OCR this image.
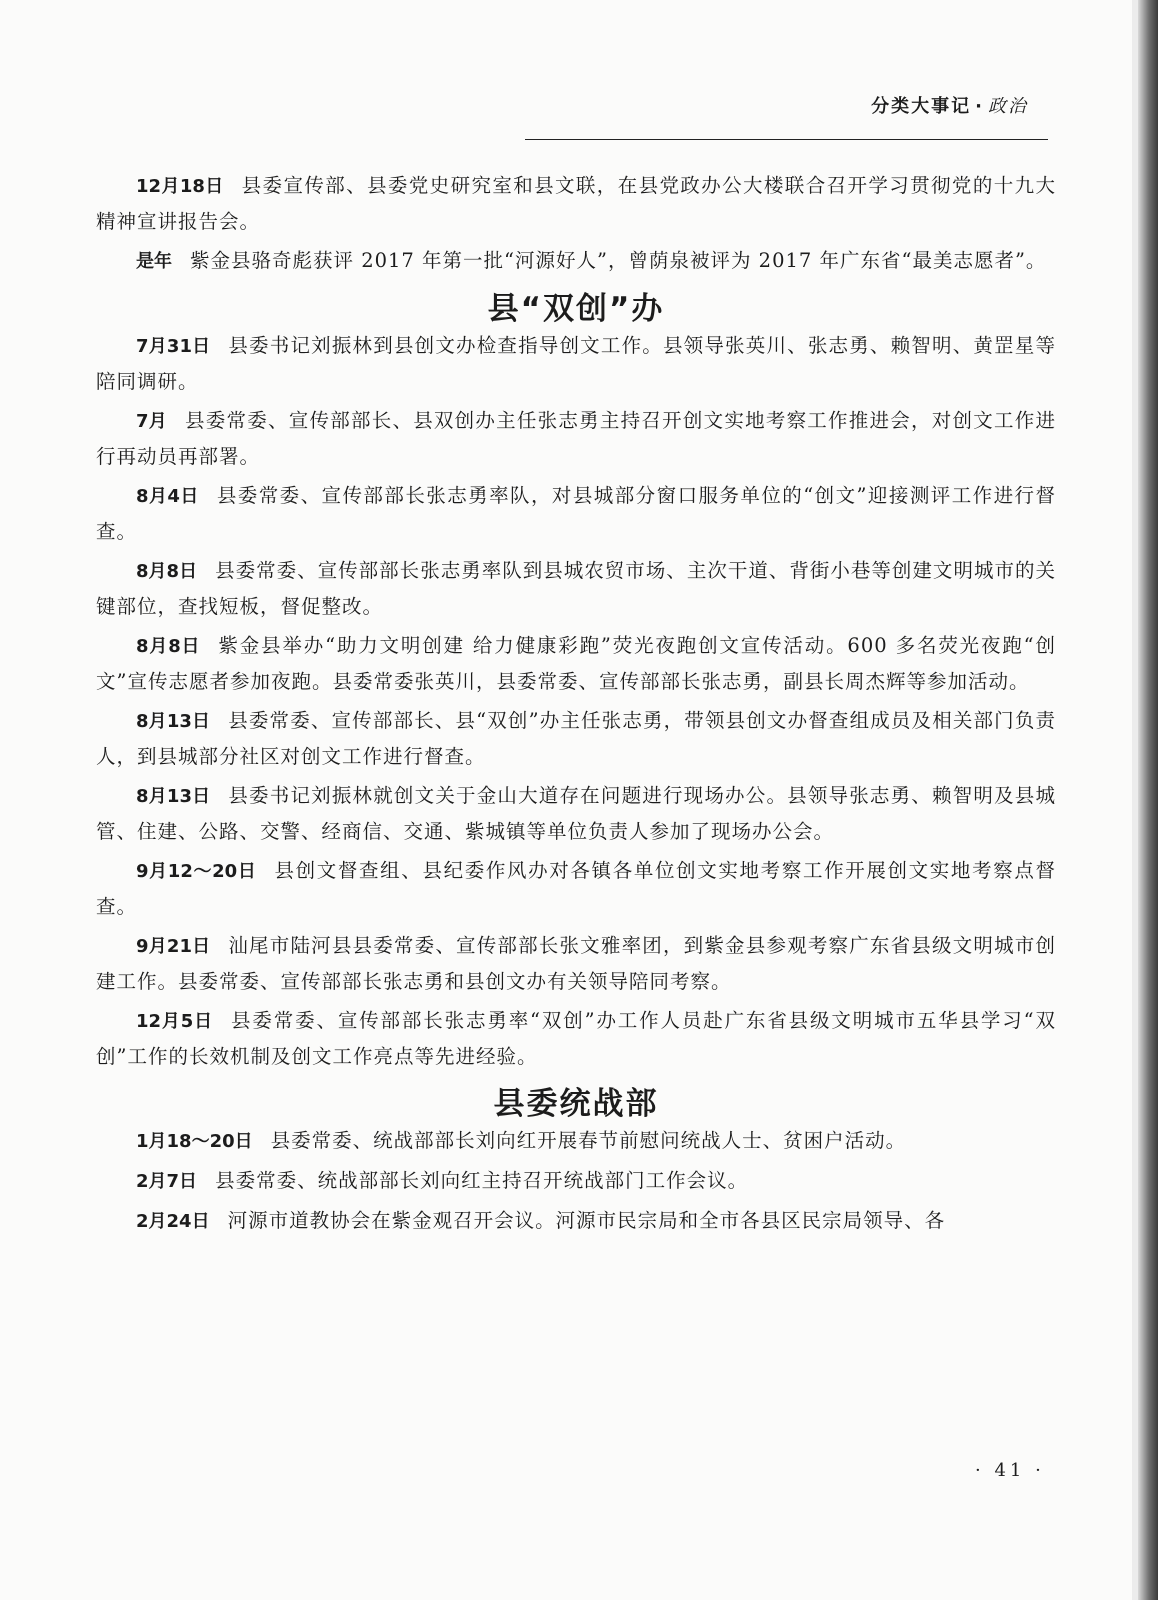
分类大事记 · 政治

12月18日 县委宣传部、县委党史研究室和县文联，在县党政办公大楼联合召开学习贯彻党的十九大精神宣讲报告会。

是年 紫金县骆奇彪获评 2017 年第一批“河源好人”，曾荫泉被评为 2017 年广东省“最美志愿者”。

县“双创”办

7月31日 县委书记刘振林到县创文办检查指导创文工作。县领导张英川、张志勇、赖智明、黄罡星等陪同调研。

7月 县委常委、宣传部部长、县双创办主任张志勇主持召开创文实地考察工作推进会，对创文工作进行再动员再部署。

8月4日 县委常委、宣传部部长张志勇率队，对县城部分窗口服务单位的“创文”迎接测评工作进行督查。

8月8日 县委常委、宣传部部长张志勇率队到县城农贸市场、主次干道、背街小巷等创建文明城市的关键部位，查找短板，督促整改。

8月8日 紫金县举办“助力文明创建 给力健康彩跑”荧光夜跑创文宣传活动。600 多名荧光夜跑“创文”宣传志愿者参加夜跑。县委常委张英川，县委常委、宣传部部长张志勇，副县长周杰辉等参加活动。

8月13日 县委常委、宣传部部长、县“双创”办主任张志勇，带领县创文办督查组成员及相关部门负责人，到县城部分社区对创文工作进行督查。

8月13日 县委书记刘振林就创文关于金山大道存在问题进行现场办公。县领导张志勇、赖智明及县城管、住建、公路、交警、经商信、交通、紫城镇等单位负责人参加了现场办公会。

9月12～20日 县创文督查组、县纪委作风办对各镇各单位创文实地考察工作开展创文实地考察点督查。

9月21日 汕尾市陆河县县委常委、宣传部部长张文雅率团，到紫金县参观考察广东省县级文明城市创建工作。县委常委、宣传部部长张志勇和县创文办有关领导陪同考察。

12月5日 县委常委、宣传部部长张志勇率“双创”办工作人员赴广东省县级文明城市五华县学习“双创”工作的长效机制及创文工作亮点等先进经验。

县委统战部

1月18～20日 县委常委、统战部部长刘向红开展春节前慰问统战人士、贫困户活动。

2月7日 县委常委、统战部部长刘向红主持召开统战部门工作会议。

2月24日 河源市道教协会在紫金观召开会议。河源市民宗局和全市各县区民宗局领导、各

· 41 ·
